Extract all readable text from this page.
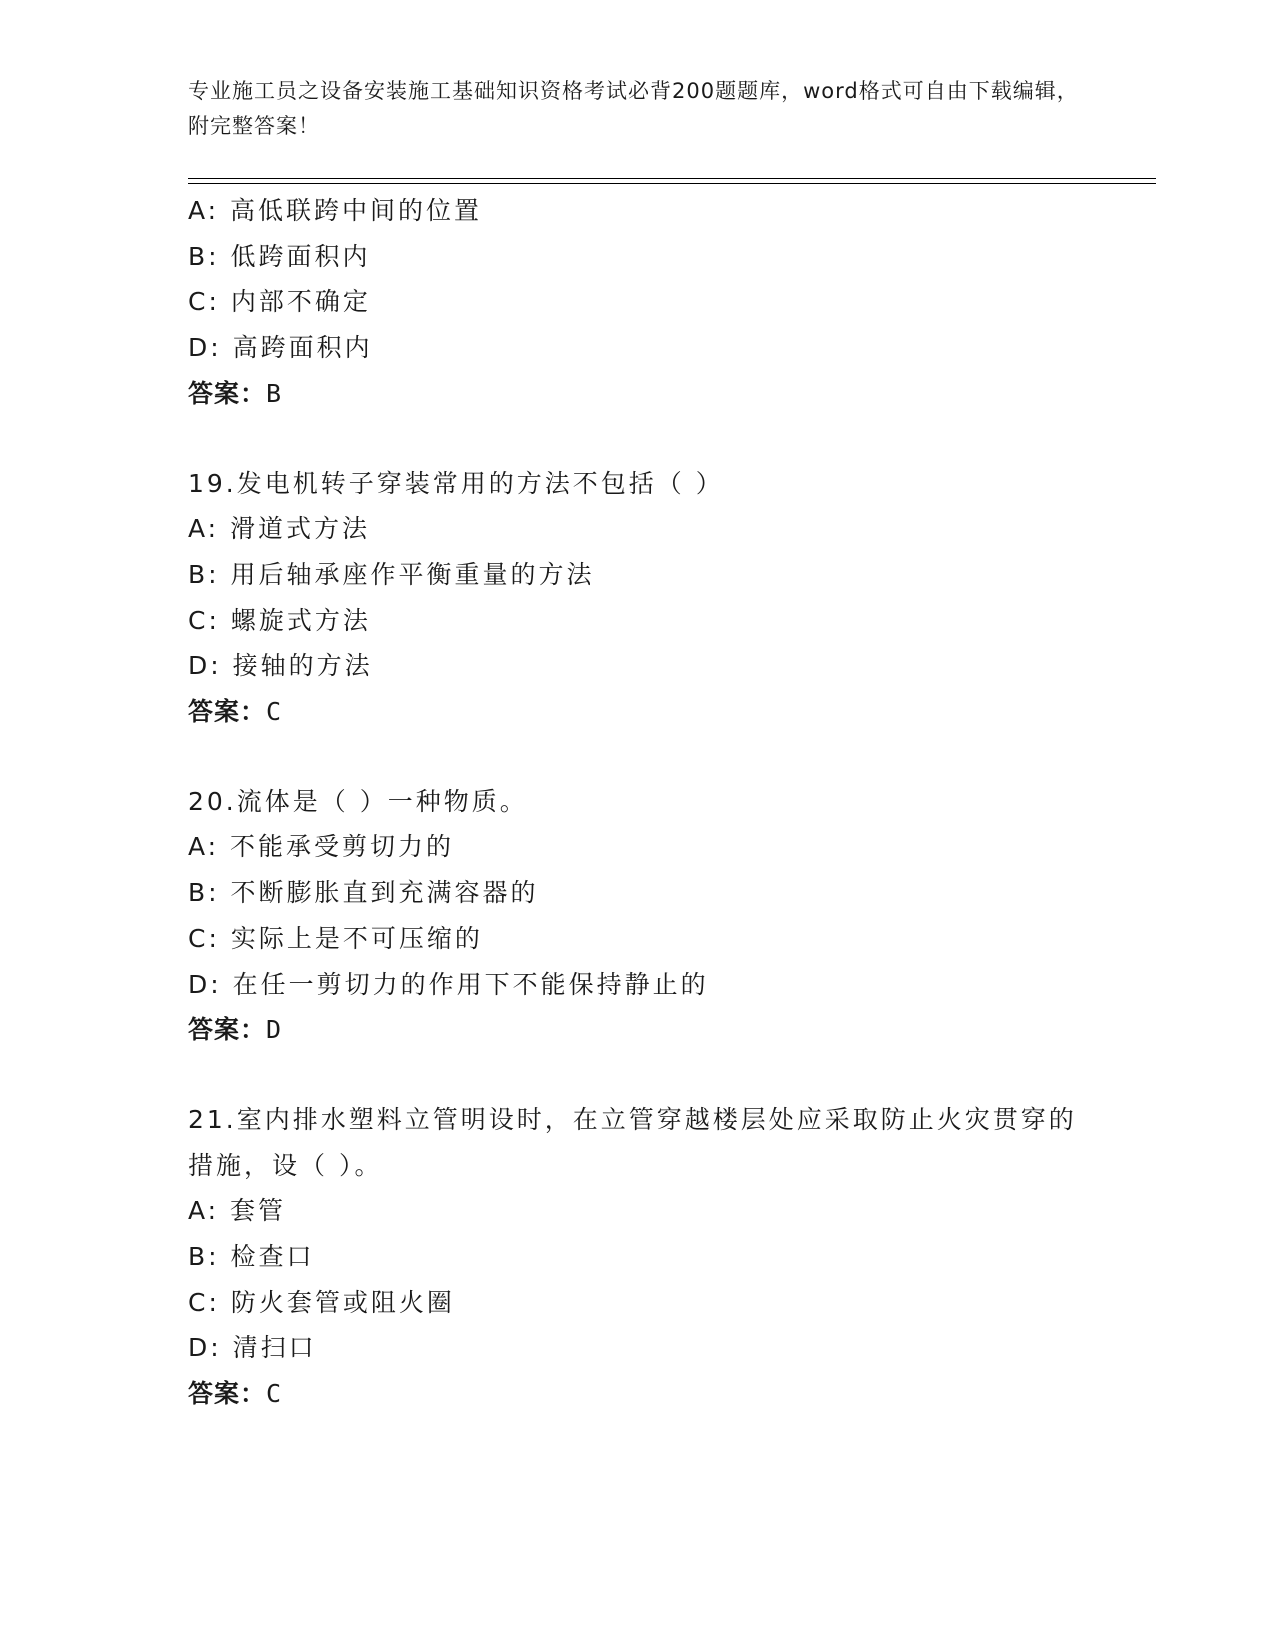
专业施工员之设备安装施工基础知识资格考试必背200题题库，word格式可自由下载编辑，附完整答案！
A: 高低联跨中间的位置
B: 低跨面积内
C: 内部不确定
D: 高跨面积内
答案：B
19.发电机转子穿装常用的方法不包括（ ）
A: 滑道式方法
B: 用后轴承座作平衡重量的方法
C: 螺旋式方法
D: 接轴的方法
答案：C
20.流体是（ ）一种物质。
A: 不能承受剪切力的
B: 不断膨胀直到充满容器的
C: 实际上是不可压缩的
D: 在任一剪切力的作用下不能保持静止的
答案：D
21.室内排水塑料立管明设时，在立管穿越楼层处应采取防止火灾贯穿的措施，设（ ）。
A: 套管
B: 检查口
C: 防火套管或阻火圈
D: 清扫口
答案：C
